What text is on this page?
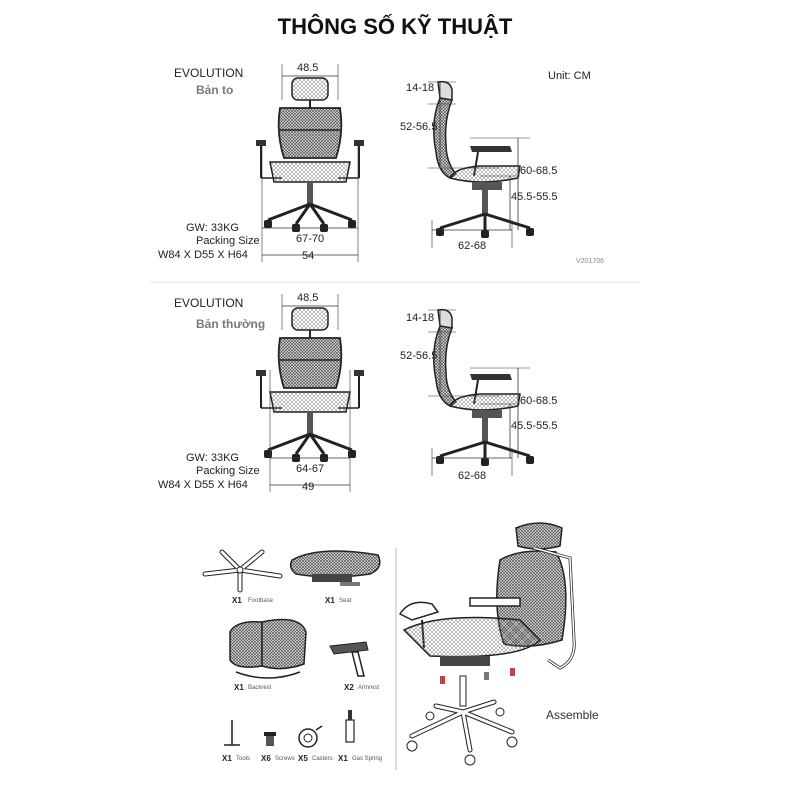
THÔNG SỐ KỸ THUẬT
EVOLUTION
Bản to
48.5
GW: 33KG
Packing Size
W84 X D55 X H64
67-70
54
14-18
52-56.5
60-68.5
45.5-55.5
62-68
Unit: CM
V201706
EVOLUTION
Bản thường
48.5
GW: 33KG
Packing Size
W84 X D55 X H64
64-67
49
14-18
52-56.5
60-68.5
45.5-55.5
62-68
X1 Footbase	X1 Seat
X1 Backrest	X2 Armrest
X1 Tools X6 Screws X5 Casters X1 Gas Spring
Assemble
